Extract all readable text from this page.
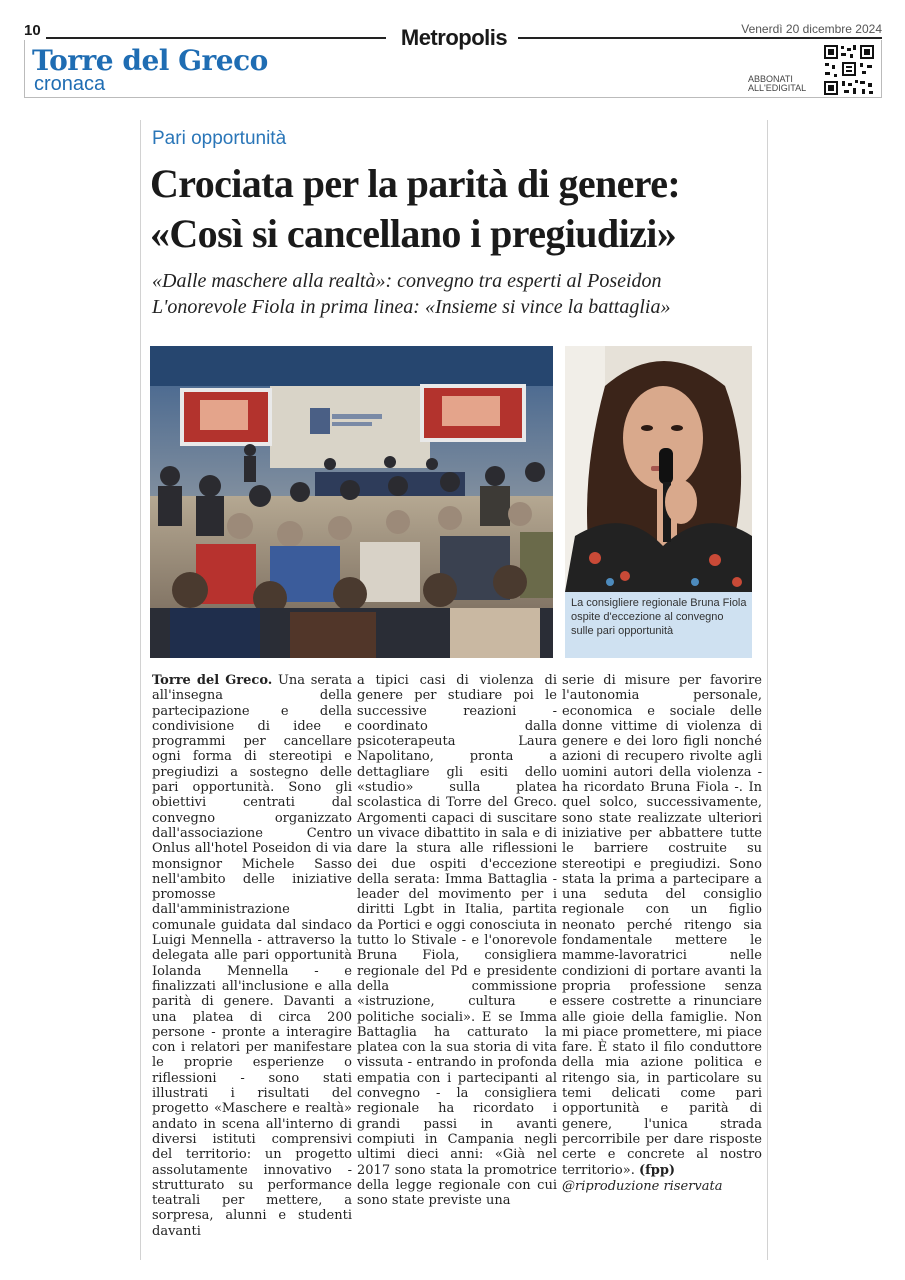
10	Metropolis	Venerdì 20 dicembre 2024
Torre del Greco
cronaca	ABBONATI
ALL'EDIGITAL
Pari opportunità
Crociata per la parità di genere:
«Così si cancellano i pregiudizi»
«Dalle maschere alla realtà»: convegno tra esperti al Poseidon
L'onorevole Fiola in prima linea: «Insieme si vince la battaglia»
La consigliere regionale Bruna Fiola ospite d'eccezione al convegno sulle pari opportunità
Torre del Greco. Una serata all'insegna della partecipazione e della condivisione di idee e programmi per cancellare ogni forma di stereotipi e pregiudizi a sostegno delle pari opportunità. Sono gli obiettivi centrati dal convegno organizzato dall'associazione Centro Onlus all'hotel Poseidon di via monsignor Michele Sasso nell'ambito delle iniziative promosse dall'amministrazione comunale guidata dal sindaco Luigi Mennella - attraverso la delegata alle pari opportunità Iolanda Mennella - e finalizzati all'inclusione e alla parità di genere. Davanti a una platea di circa 200 persone - pronte a interagire con i relatori per manifestare le proprie esperienze o riflessioni - sono stati illustrati i risultati del progetto «Maschere e realtà» andato in scena all'interno di diversi istituti comprensivi del territorio: un progetto assolutamente innovativo - strutturato su performance teatrali per mettere, a sorpresa, alunni e studenti davanti
a tipici casi di violenza di genere per studiare poi le successive reazioni - coordinato dalla psicoterapeuta Laura Napolitano, pronta a dettagliare gli esiti dello «studio» sulla platea scolastica di Torre del Greco. Argomenti capaci di suscitare un vivace dibattito in sala e di dare la stura alle riflessioni dei due ospiti d'eccezione della serata: Imma Battaglia - leader del movimento per i diritti Lgbt in Italia, partita da Portici e oggi conosciuta in tutto lo Stivale - e l'onorevole Bruna Fiola, consigliera regionale del Pd e presidente della commissione «istruzione, cultura e politiche sociali». E se Imma Battaglia ha catturato la platea con la sua storia di vita vissuta - entrando in profonda empatia con i partecipanti al convegno - la consigliera regionale ha ricordato i grandi passi in avanti compiuti in Campania negli ultimi dieci anni: «Già nel 2017 sono stata la promotrice della legge regionale con cui sono state previste una
serie di misure per favorire l'autonomia personale, economica e sociale delle donne vittime di violenza di genere e dei loro figli nonché azioni di recupero rivolte agli uomini autori della violenza - ha ricordato Bruna Fiola -. In quel solco, successivamente, sono state realizzate ulteriori iniziative per abbattere tutte le barriere costruite su stereotipi e pregiudizi. Sono stata la prima a partecipare a una seduta del consiglio regionale con un figlio neonato perché ritengo sia fondamentale mettere le mamme-lavoratrici nelle condizioni di portare avanti la propria professione senza essere costrette a rinunciare alle gioie della famiglie. Non mi piace promettere, mi piace fare. È stato il filo conduttore della mia azione politica e ritengo sia, in particolare su temi delicati come pari opportunità e parità di genere, l'unica strada percorribile per dare risposte certe e concrete al nostro territorio». (fpp)
@riproduzione riservata
